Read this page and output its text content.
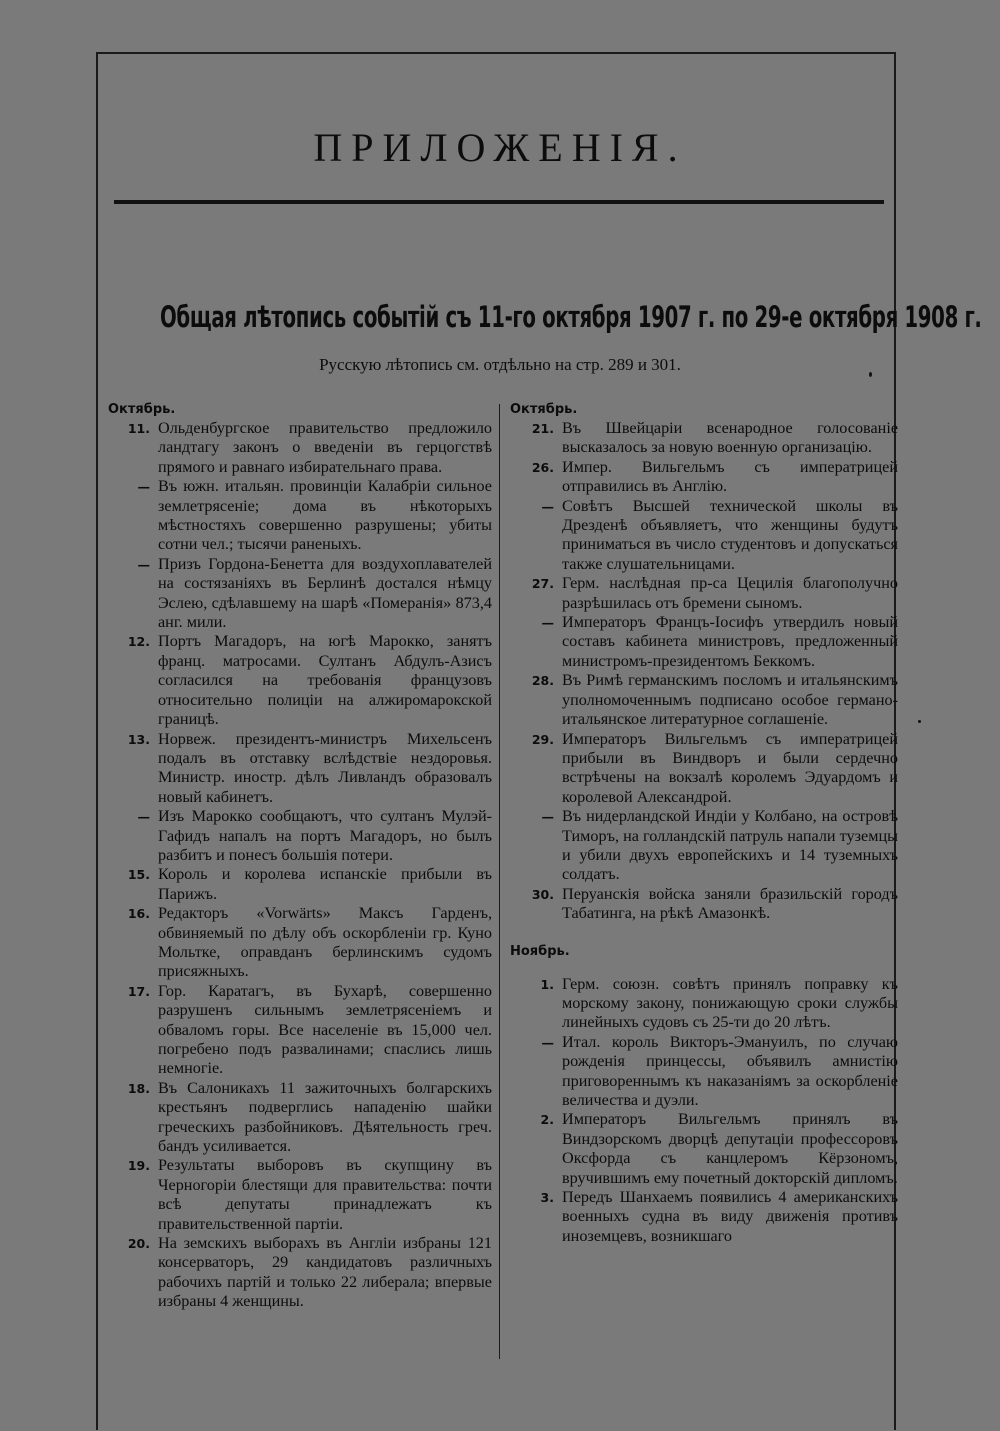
ПРИЛОЖЕНІЯ.
Общая лѣтопись событій съ 11-го октября 1907 г. по 29-е октября 1908 г.
Русскую лѣтопись см. отдѣльно на стр. 289 и 301.
Октябрь.
11. Ольденбургское правительство предложило ландтагу законъ о введеніи въ герцогствѣ прямого и равнаго избирательнаго права.
— Въ южн. итальян. провинціи Калабріи сильное землетрясеніе; дома въ нѣкоторыхъ мѣстностяхъ совершенно разрушены; убиты сотни чел.; тысячи раненыхъ.
— Призъ Гордона-Бенетта для воздухоплавателей на состязаніяхъ въ Берлинѣ достался нѣмцу Эслею, сдѣлавшему на шарѣ «Померанія» 873,4 анг. мили.
12. Портъ Магадоръ, на югѣ Марокко, занятъ франц. матросами. Султанъ Абдулъ-Азисъ согласился на требованія французовъ относительно полиціи на алжиромарокской границѣ.
13. Норвеж. президентъ-министръ Михельсенъ подалъ въ отставку вслѣдствіе нездоровья. Министр. иностр. дѣлъ Ливландъ образовалъ новый кабинетъ.
— Изъ Марокко сообщаютъ, что султанъ Мулэй-Гафидъ напалъ на портъ Магадоръ, но былъ разбитъ и понесъ большія потери.
15. Король и королева испанскіе прибыли въ Парижъ.
16. Редакторъ «Vorwärts» Максъ Гарденъ, обвиняемый по дѣлу объ оскорбленіи гр. Куно Мольтке, оправданъ берлинскимъ судомъ присяжныхъ.
17. Гор. Каратагъ, въ Бухарѣ, совершенно разрушенъ сильнымъ землетрясеніемъ и обваломъ горы. Все населеніе въ 15,000 чел. погребено подъ развалинами; спаслись лишь немногіе.
18. Въ Салоникахъ 11 зажиточныхъ болгарскихъ крестьянъ подверглись нападенію шайки греческихъ разбойниковъ. Дѣятельность греч. бандъ усиливается.
19. Результаты выборовъ въ скупщину въ Черногоріи блестящи для правительства: почти всѣ депутаты принадлежатъ къ правительственной партіи.
20. На земскихъ выборахъ въ Англіи избраны 121 консерваторъ, 29 кандидатовъ различныхъ рабочихъ партій и только 22 либерала; впервые избраны 4 женщины.
Октябрь.
21. Въ Швейцаріи всенародное голосованіе высказалось за новую военную организацію.
26. Импер. Вильгельмъ съ императрицей отправились въ Англію.
— Совѣтъ Высшей технической школы въ Дрезденѣ объявляетъ, что женщины будутъ приниматься въ число студентовъ и допускаться также слушательницами.
27. Герм. наслѣдная пр-са Цецилія благополучно разрѣшилась отъ бремени сыномъ.
— Императоръ Францъ-Іосифъ утвердилъ новый составъ кабинета министровъ, предложенный министромъ-президентомъ Беккомъ.
28. Въ Римѣ германскимъ посломъ и итальянскимъ уполномоченнымъ подписано особое германо-итальянское литературное соглашеніе.
29. Императоръ Вильгельмъ съ императрицей прибыли въ Виндворъ и были сердечно встрѣчены на вокзалѣ королемъ Эдуардомъ и королевой Александрой.
— Въ нидерландской Индіи у Колбано, на островѣ Тиморъ, на голландскій патруль напали туземцы и убили двухъ европейскихъ и 14 туземныхъ солдатъ.
30. Перуанскія войска заняли бразильскій городъ Табатинга, на рѣкѣ Амазонкѣ.
Ноябрь.
1. Герм. союзн. совѣтъ принялъ поправку къ морскому закону, понижающую сроки службы линейныхъ судовъ съ 25-ти до 20 лѣтъ.
— Итал. король Викторъ-Эмануилъ, по случаю рожденія принцессы, объявилъ амнистію приговореннымъ къ наказаніямъ за оскорбленіе величества и дуэли.
2. Императоръ Вильгельмъ принялъ въ Виндзорскомъ дворцѣ депутаціи профессоровъ Оксфорда съ канцлеромъ Кёрзономъ, вручившимъ ему почетный докторскій дипломъ.
3. Передъ Шанхаемъ появились 4 американскихъ военныхъ судна въ виду движенія противъ иноземцевъ, возникшаго
